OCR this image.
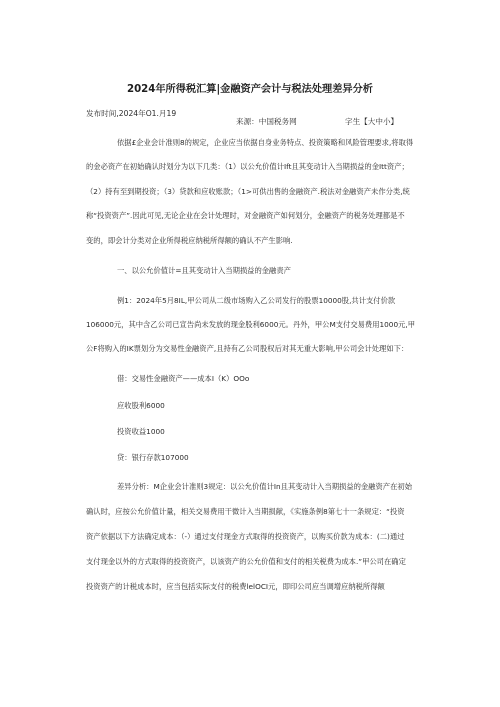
2024年所得税汇算|金融资产会计与税法处理差异分析
发布时间,2024年O1.月19
来源：中国税务网	字生【大中小】
依据£企业会计准则8的规定，企业应当依据自身业务特点、投资策略和风险管理要求,将取得
的金必资产在初始确认时划分为以下几类：（1）以公允价值计Ift且其变动计入当期损益的金Itt资产；
（2）持有至到期投资；（3）贷款和应收账款；（1>可供出售的金融资产.税法对金融资产未作分类,统
称“投资资产”.因此可见,无论企业在会计处理时，对金融资产如何划分，金融资产的税务处理都是不
变的，即会计分类对企业所得税应纳税所得额的确认不产生影响.
一、以公允价值计=且其变动计入当期损益的金融责产
例1：2024年5月8IL,甲公司从二级市场购入乙公司发行的股票10000股,共计支付价款
106000元，其中含乙公司已宣告尚未发放的现金股利6000元。丹外，甲公M支付交易费用1000元,甲
公F将购入的IK票划分为交易性金融资产,且持有乙公司股权后对其无重大影响,甲公司会计处理如下：
借：交易性金融资产——成本I（K）OOo
应收股利6000
投资收益1000
贷：银行存款107000
差异分析：M企业会计准则3规定：以公允价值计In且其变动计入当期损益的金融资产在初始
确认时，应按公允价值计量，相关交易费用干微计入当期损献，《实施条例8第七十一条规定：“投资
资产依据以下方法确定成本：（-）通过支付现金方式取得的投资资产，以购买价款为成本：(二)通过
支付现金以外的方式取得的投资资产，以该资产的公允价值和支付的相关税费为成本.”甲公司在确定
投资资产的计税成本时，应当包括实际支付的税费lelOCI元，即印公司应当调增应纳税所得额
